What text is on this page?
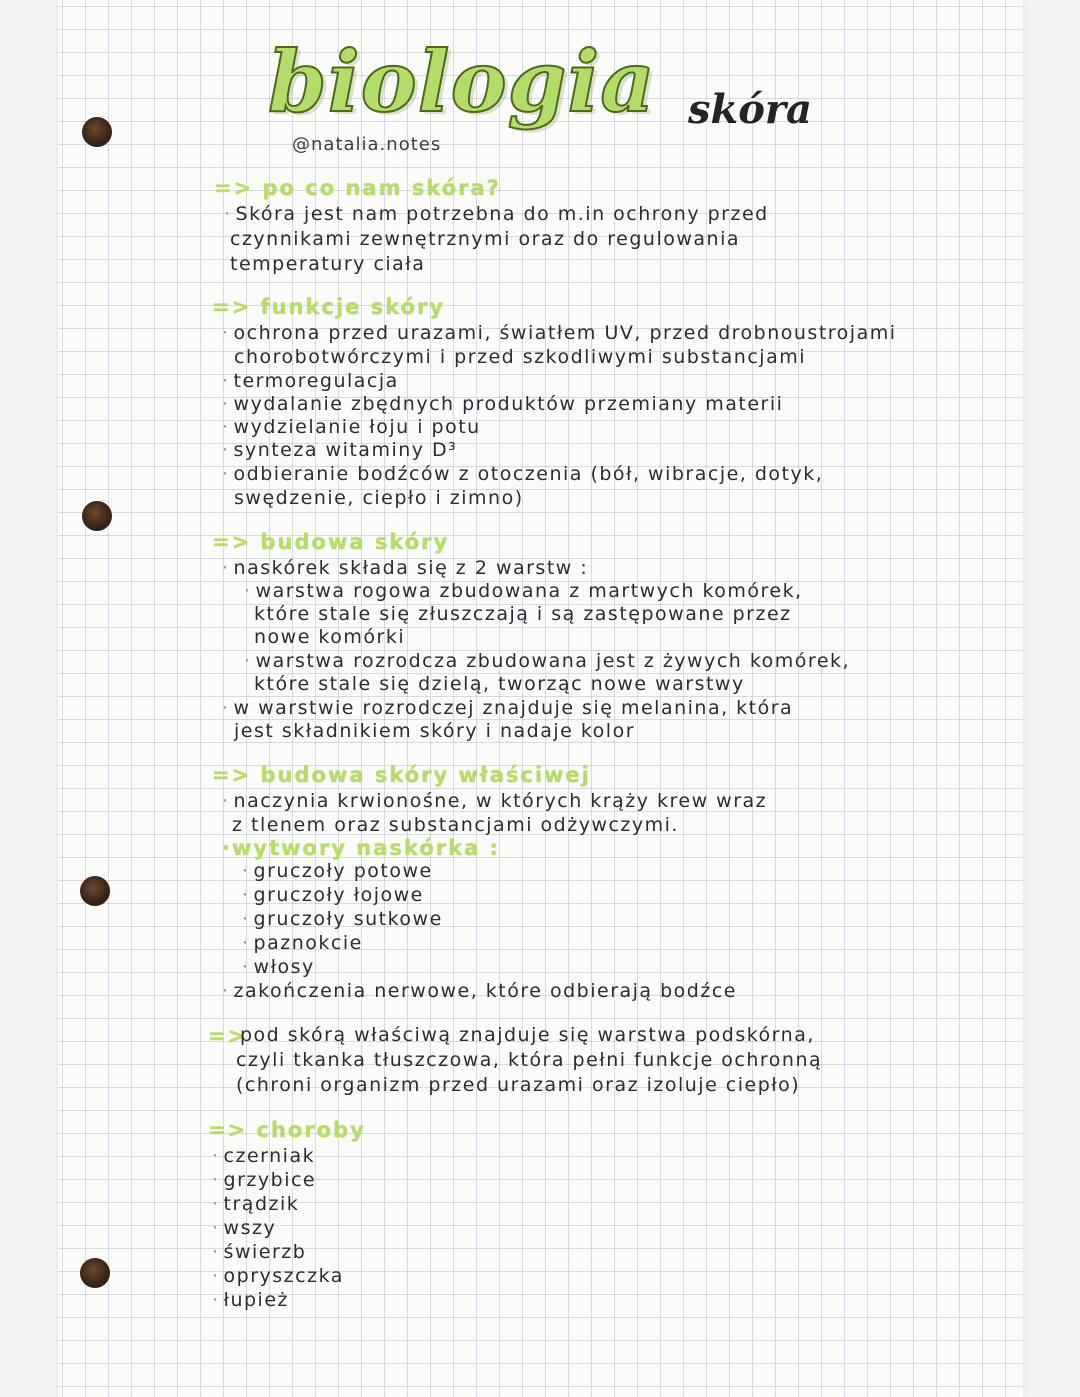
biologia
@natalia.notes
skóra
=> po co nam skóra?
· Skóra jest nam potrzebna do m.in ochrony przed
czynnikami zewnętrznymi oraz do regulowania
temperatury ciała
=> funkcje skóry
· ochrona przed urazami, światłem UV, przed drobnoustrojami
chorobotwórczymi i przed szkodliwymi substancjami
· termoregulacja
· wydalanie zbędnych produktów przemiany materii
· wydzielanie łoju i potu
· synteza witaminy D³
· odbieranie bodźców z otoczenia (bół, wibracje, dotyk,
swędzenie, ciepło i zimno)
=> budowa skóry
· naskórek składa się z 2 warstw :
· warstwa rogowa zbudowana z martwych komórek,
które stale się złuszczają i są zastępowane przez
nowe komórki
· warstwa rozrodcza zbudowana jest z żywych komórek,
które stale się dzielą, tworząc nowe warstwy
· w warstwie rozrodczej znajduje się melanina, która
jest składnikiem skóry i nadaje kolor
=> budowa skóry właściwej
· naczynia krwionośne, w których krąży krew wraz
z tlenem oraz substancjami odżywczymi.
·wytwory naskórka :
· gruczoły potowe
· gruczoły łojowe
· gruczoły sutkowe
· paznokcie
· włosy
· zakończenia nerwowe, które odbierają bodźce
=>
pod skórą właściwą znajduje się warstwa podskórna,
czyli tkanka tłuszczowa, która pełni funkcje ochronną
(chroni organizm przed urazami oraz izoluje ciepło)
=> choroby
· czerniak
· grzybice
· trądzik
· wszy
· świerzb
· opryszczka
· łupież
